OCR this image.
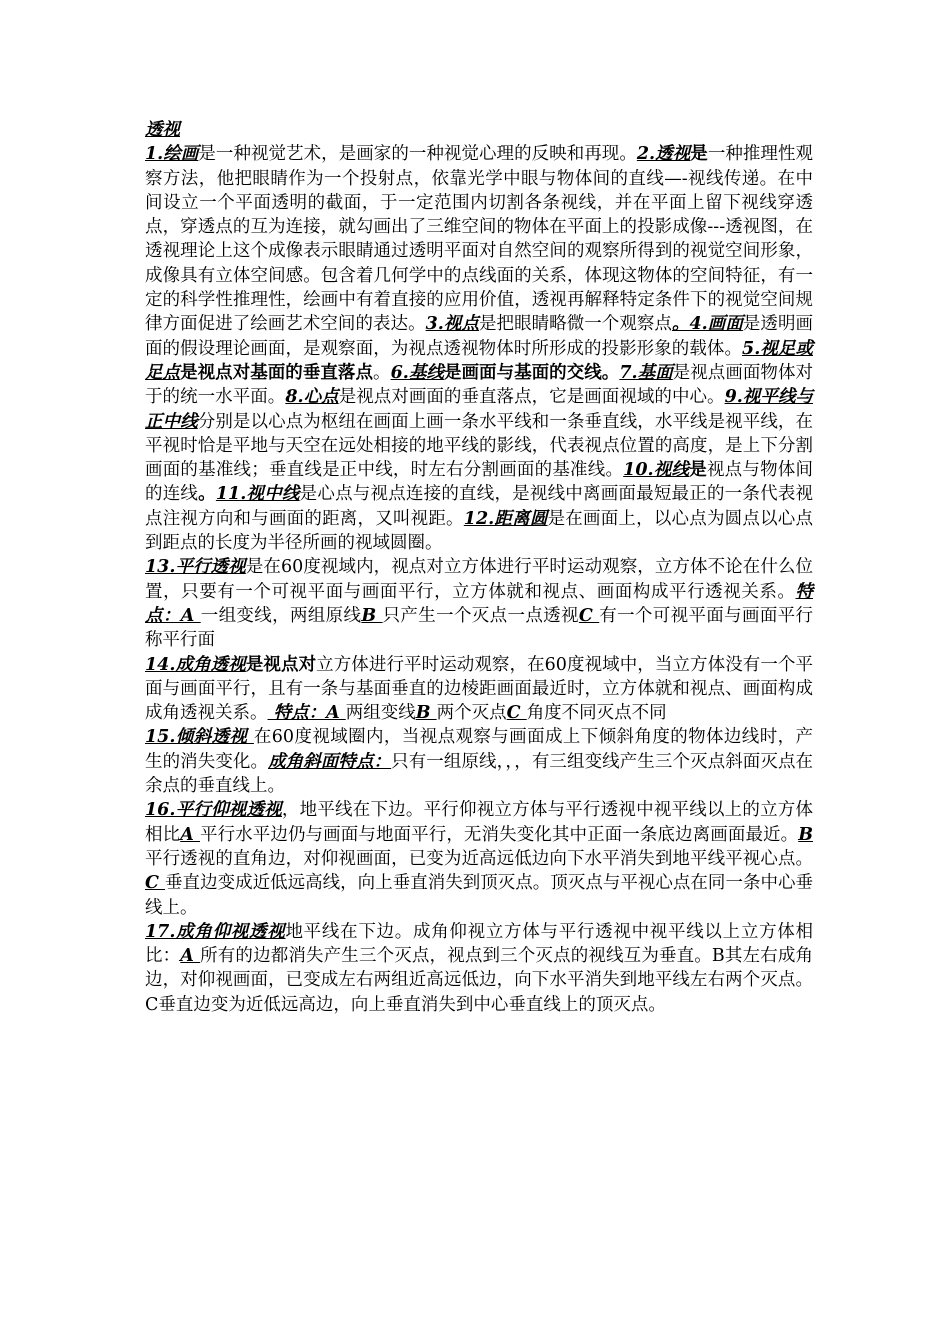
透视

1.绘画是一种视觉艺术，是画家的一种视觉心理的反映和再现。2.透视是一种推理性观察方法，他把眼睛作为一个投射点，依靠光学中眼与物体间的直线—-视线传递。在中间设立一个平面透明的截面，于一定范围内切割各条视线，并在平面上留下视线穿透点，穿透点的互为连接，就勾画出了三维空间的物体在平面上的投影成像---透视图，在透视理论上这个成像表示眼睛通过透明平面对自然空间的观察所得到的视觉空间形象，成像具有立体空间感。包含着几何学中的点线面的关系，体现这物体的空间特征，有一定的科学性推理性，绘画中有着直接的应用价值，透视再解释特定条件下的视觉空间规律方面促进了绘画艺术空间的表达。3.视点是把眼睛略微一个观察点。4.画面是透明画面的假设理论画面，是观察面，为视点透视物体时所形成的投影形象的载体。5.视足或足点是视点对基面的垂直落点。6.基线是画面与基面的交线。7.基面是视点画面物体对于的统一水平面。8.心点是视点对画面的垂直落点，它是画面视域的中心。9.视平线与正中线分别是以心点为枢纽在画面上画一条水平线和一条垂直线，水平线是视平线，在平视时恰是平地与天空在远处相接的地平线的影线，代表视点位置的高度，是上下分割画面的基准线；垂直线是正中线，时左右分割画面的基准线。10.视线是视点与物体间的连线。11.视中线是心点与视点连接的直线，是视线中离画面最短最正的一条代表视点注视方向和与画面的距离，又叫视距。12.距离圆是在画面上，以心点为圆点以心点到距点的长度为半径所画的视域圆圈。

13.平行透视是在60度视域内，视点对立方体进行平时运动观察，立方体不论在什么位置，只要有一个可视平面与画面平行，立方体就和视点、画面构成平行透视关系。特点：A 一组变线，两组原线B 只产生一个灭点一点透视C 有一个可视平面与画面平行称平行面

14.成角透视是视点对立方体进行平时运动观察，在60度视域中，当立方体没有一个平面与画面平行，且有一条与基面垂直的边棱距画面最近时，立方体就和视点、画面构成成角透视关系。 特点：A 两组变线B 两个灭点C 角度不同灭点不同

15.倾斜透视 在60度视域圈内，当视点观察与画面成上下倾斜角度的物体边线时，产生的消失变化。成角斜面特点：只有一组原线，，，有三组变线产生三个灭点斜面灭点在余点的垂直线上。

16.平行仰视透视，地平线在下边。平行仰视立方体与平行透视中视平线以上的立方体相比A 平行水平边仍与画面与地面平行，无消失变化其中正面一条底边离画面最近。B 平行透视的直角边，对仰视画面，已变为近高远低边向下水平消失到地平线平视心点。C 垂直边变成近低远高线，向上垂直消失到顶灭点。顶灭点与平视心点在同一条中心垂线上。

17.成角仰视透视地平线在下边。成角仰视立方体与平行透视中视平线以上立方体相比：A 所有的边都消失产生三个灭点，视点到三个灭点的视线互为垂直。B其左右成角边，对仰视画面，已变成左右两组近高远低边，向下水平消失到地平线左右两个灭点。C垂直边变为近低远高边，向上垂直消失到中心垂直线上的顶灭点。
